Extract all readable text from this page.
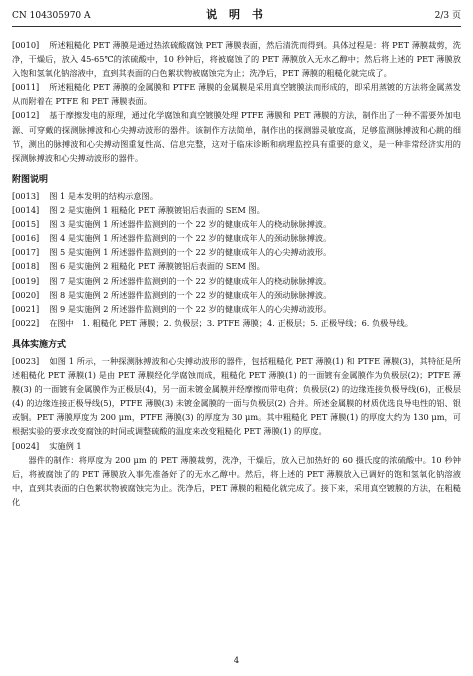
CN 104305970 A	说 明 书	2/3 页

[0010] 所述粗糙化 PET 薄膜是通过热浓硫酸腐蚀 PET 薄膜表面，然后清洗而得到。具体过程是：将 PET 薄膜裁剪，洗净，干燥后，放入 45-65℃的浓硫酸中，10 秒钟后，将被腐蚀了的 PET 薄膜放入无水乙醇中；然后将上述的 PET 薄膜放入饱和氢氧化钠溶液中，直到其表面的白色絮状物被腐蚀完为止；洗净后，PET 薄膜的粗糙化就完成了。

[0011] 所述粗糙化 PET 薄膜的金属膜和 PTFE 薄膜的金属膜是采用真空镀膜法而形成的，即采用蒸镀的方法将金属蒸发从而附着在 PTFE 和 PET 薄膜表面。

[0012] 基于摩擦发电的原理，通过化学腐蚀和真空镀膜处理 PTFE 薄膜和 PET 薄膜的方法，制作出了一种不需要外加电源、可穿戴的探测脉搏波和心尖搏动波形的器件。该制作方法简单，制作出的探测器灵敏度高，足够监测脉搏波和心跳的细节，测出的脉搏波和心尖搏动图重复性高、信息完整，这对于临床诊断和病理监控具有重要的意义，是一种非常经济实用的探测脉搏波和心尖搏动波形的器件。

附图说明

[0013] 图 1 是本发明的结构示意图。

[0014] 图 2 是实施例 1 粗糙化 PET 薄膜镀铝后表面的 SEM 图。

[0015] 图 3 是实施例 1 所述器件监测到的一个 22 岁的健康成年人的桡动脉脉搏波。

[0016] 图 4 是实施例 1 所述器件监测到的一个 22 岁的健康成年人的颈动脉脉搏波。

[0017] 图 5 是实施例 1 所述器件监测到的一个 22 岁的健康成年人的心尖搏动波形。

[0018] 图 6 是实施例 2 粗糙化 PET 薄膜镀铝后表面的 SEM 图。

[0019] 图 7 是实施例 2 所述器件监测到的一个 22 岁的健康成年人的桡动脉脉搏波。

[0020] 图 8 是实施例 2 所述器件监测到的一个 22 岁的健康成年人的颈动脉脉搏波。

[0021] 图 9 是实施例 2 所述器件监测到的一个 22 岁的健康成年人的心尖搏动波形。

[0022] 在图中　1. 粗糙化 PET 薄膜；2. 负极层；3. PTFE 薄膜；4. 正极层；5. 正极导线；6. 负极导线。

具体实施方式

[0023] 如图 1 所示，一种探测脉搏波和心尖搏动波形的器件，包括粗糙化 PET 薄膜(1) 和 PTFE 薄膜(3)，其特征是所述粗糙化 PET 薄膜(1) 是由 PET 薄膜经化学腐蚀而成，粗糙化 PET 薄膜(1) 的一面镀有金属膜作为负极层(2)；PTFE 薄膜(3) 的一面镀有金属膜作为正极层(4)，另一面未镀金属膜并经摩擦而带电荷；负极层(2) 的边缘连接负极导线(6)，正极层(4) 的边缘连接正极导线(5)，PTFE 薄膜(3) 未镀金属膜的一面与负极层(2) 合并。所述金属膜的材质优选良导电性的铝、银或铜。PET 薄膜厚度为 200 μm，PTFE 薄膜(3) 的厚度为 30 μm。其中粗糙化 PET 薄膜(1) 的厚度大约为 130 μm，可根据实验的要求改变腐蚀的时间或调整硫酸的温度来改变粗糙化 PET 薄膜(1) 的厚度。

[0024] 实施例 1

器件的制作：将厚度为 200 μm 的 PET 薄膜裁剪，洗净，干燥后，放入已加热好的 60 摄氏度的浓硫酸中。10 秒钟后，将被腐蚀了的 PET 薄膜放入事先准备好了的无水乙醇中。然后，将上述的 PET 薄膜放入已调好的饱和氢氧化钠溶液中，直到其表面的白色絮状物被腐蚀完为止。洗净后，PET 薄膜的粗糙化就完成了。接下来，采用真空镀膜的方法，在粗糙化

4
